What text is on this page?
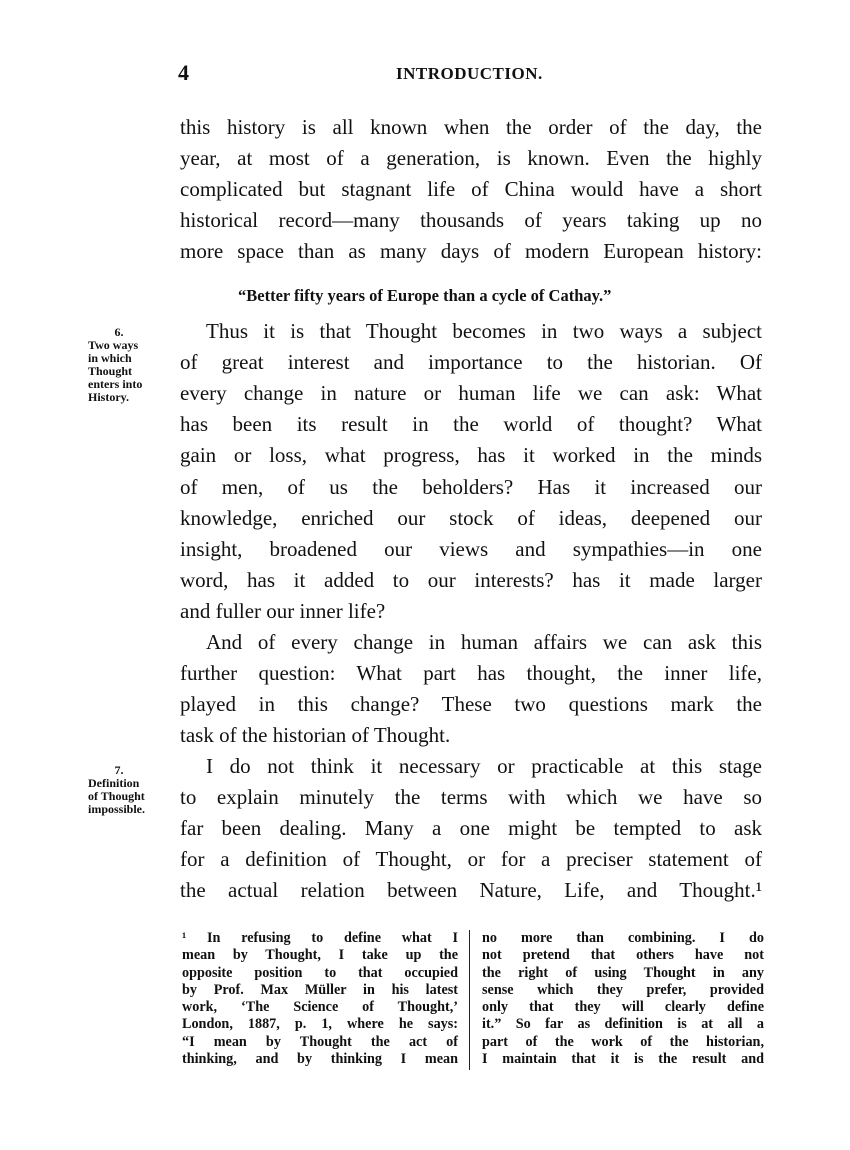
4	INTRODUCTION.
this history is all known when the order of the day, the
year, at most of a generation, is known. Even the highly
complicated but stagnant life of China would have a short
historical record—many thousands of years taking up no
more space than as many days of modern European history:
“Better fifty years of Europe than a cycle of Cathay.”
6.
Two ways
in which
Thought
enters into
History.
7.
Definition
of Thought
impossible.
Thus it is that Thought becomes in two ways a subject
of great interest and importance to the historian. Of
every change in nature or human life we can ask: What
has been its result in the world of thought? What
gain or loss, what progress, has it worked in the minds
of men, of us the beholders? Has it increased our
knowledge, enriched our stock of ideas, deepened our
insight, broadened our views and sympathies—in one
word, has it added to our interests? has it made larger
and fuller our inner life?
And of every change in human affairs we can ask this
further question: What part has thought, the inner life,
played in this change? These two questions mark the
task of the historian of Thought.
I do not think it necessary or practicable at this stage
to explain minutely the terms with which we have so
far been dealing. Many a one might be tempted to ask
for a definition of Thought, or for a preciser statement of
the actual relation between Nature, Life, and Thought.¹
¹ In refusing to define what I
mean by Thought, I take up the
opposite position to that occupied
by Prof. Max Müller in his latest
work, ‘The Science of Thought,’
London, 1887, p. 1, where he says:
“I mean by Thought the act of
thinking, and by thinking I mean
no more than combining. I do
not pretend that others have not
the right of using Thought in any
sense which they prefer, provided
only that they will clearly define
it.” So far as definition is at all a
part of the work of the historian,
I maintain that it is the result and
